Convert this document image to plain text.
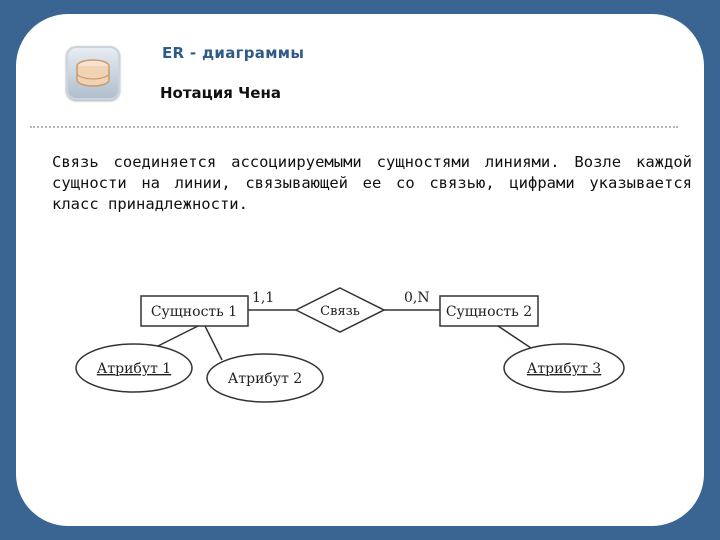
ER - диаграммы
Нотация Чена
Связь соединяется ассоциируемыми сущностями линиями. Возле каждой сущности на линии, связывающей ее со связью, цифрами указывается класс принадлежности.
Сущность 1	Связь	Сущность 2
1,1	0,N
Атрибут 1
Атрибут 2
Атрибут 3
